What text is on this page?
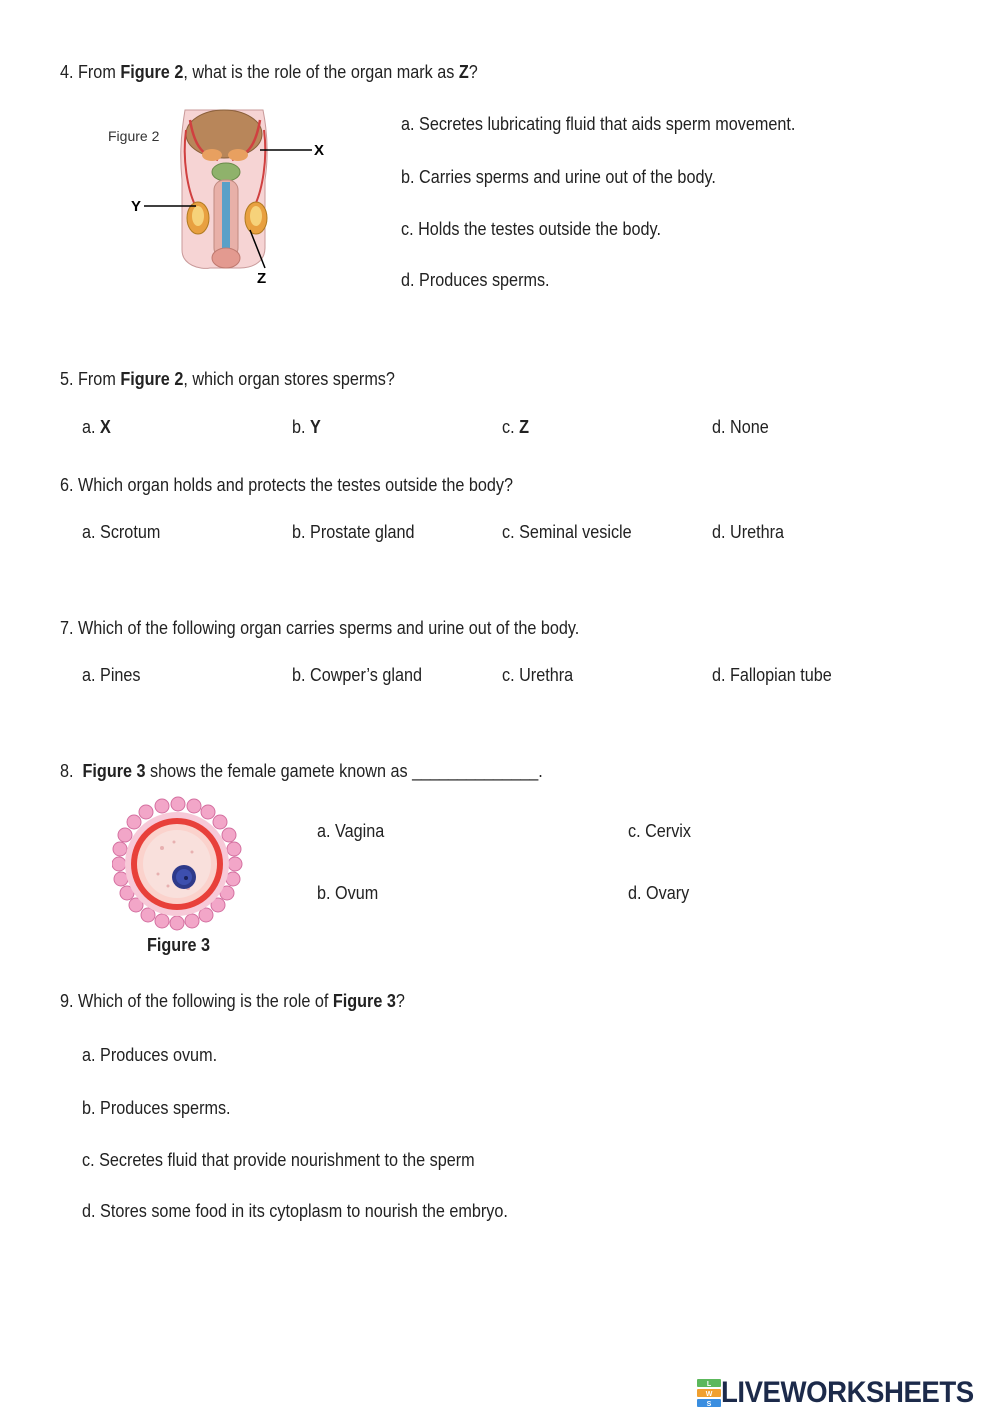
4. From Figure 2, what is the role of the organ mark as Z?
Figure 2
X
Y
Z
a. Secretes lubricating fluid that aids sperm movement.
b. Carries sperms and urine out of the body.
c. Holds the testes outside the body.
d. Produces sperms.
5. From Figure 2, which organ stores sperms?
a. X	b. Y	c. Z	d. None
6. Which organ holds and protects the testes outside the body?
a. Scrotum	b. Prostate gland	c. Seminal vesicle	d. Urethra
7. Which of the following organ carries sperms and urine out of the body.
a. Pines	b. Cowper’s gland	c. Urethra	d. Fallopian tube
8. Figure 3 shows the female gamete known as ______________.
Figure 3
a. Vagina	c. Cervix
b. Ovum	d. Ovary
9. Which of the following is the role of Figure 3?
a. Produces ovum.
b. Produces sperms.
c. Secretes fluid that provide nourishment to the sperm
d. Stores some food in its cytoplasm to nourish the embryo.
L
W
S LIVEWORKSHEETS
